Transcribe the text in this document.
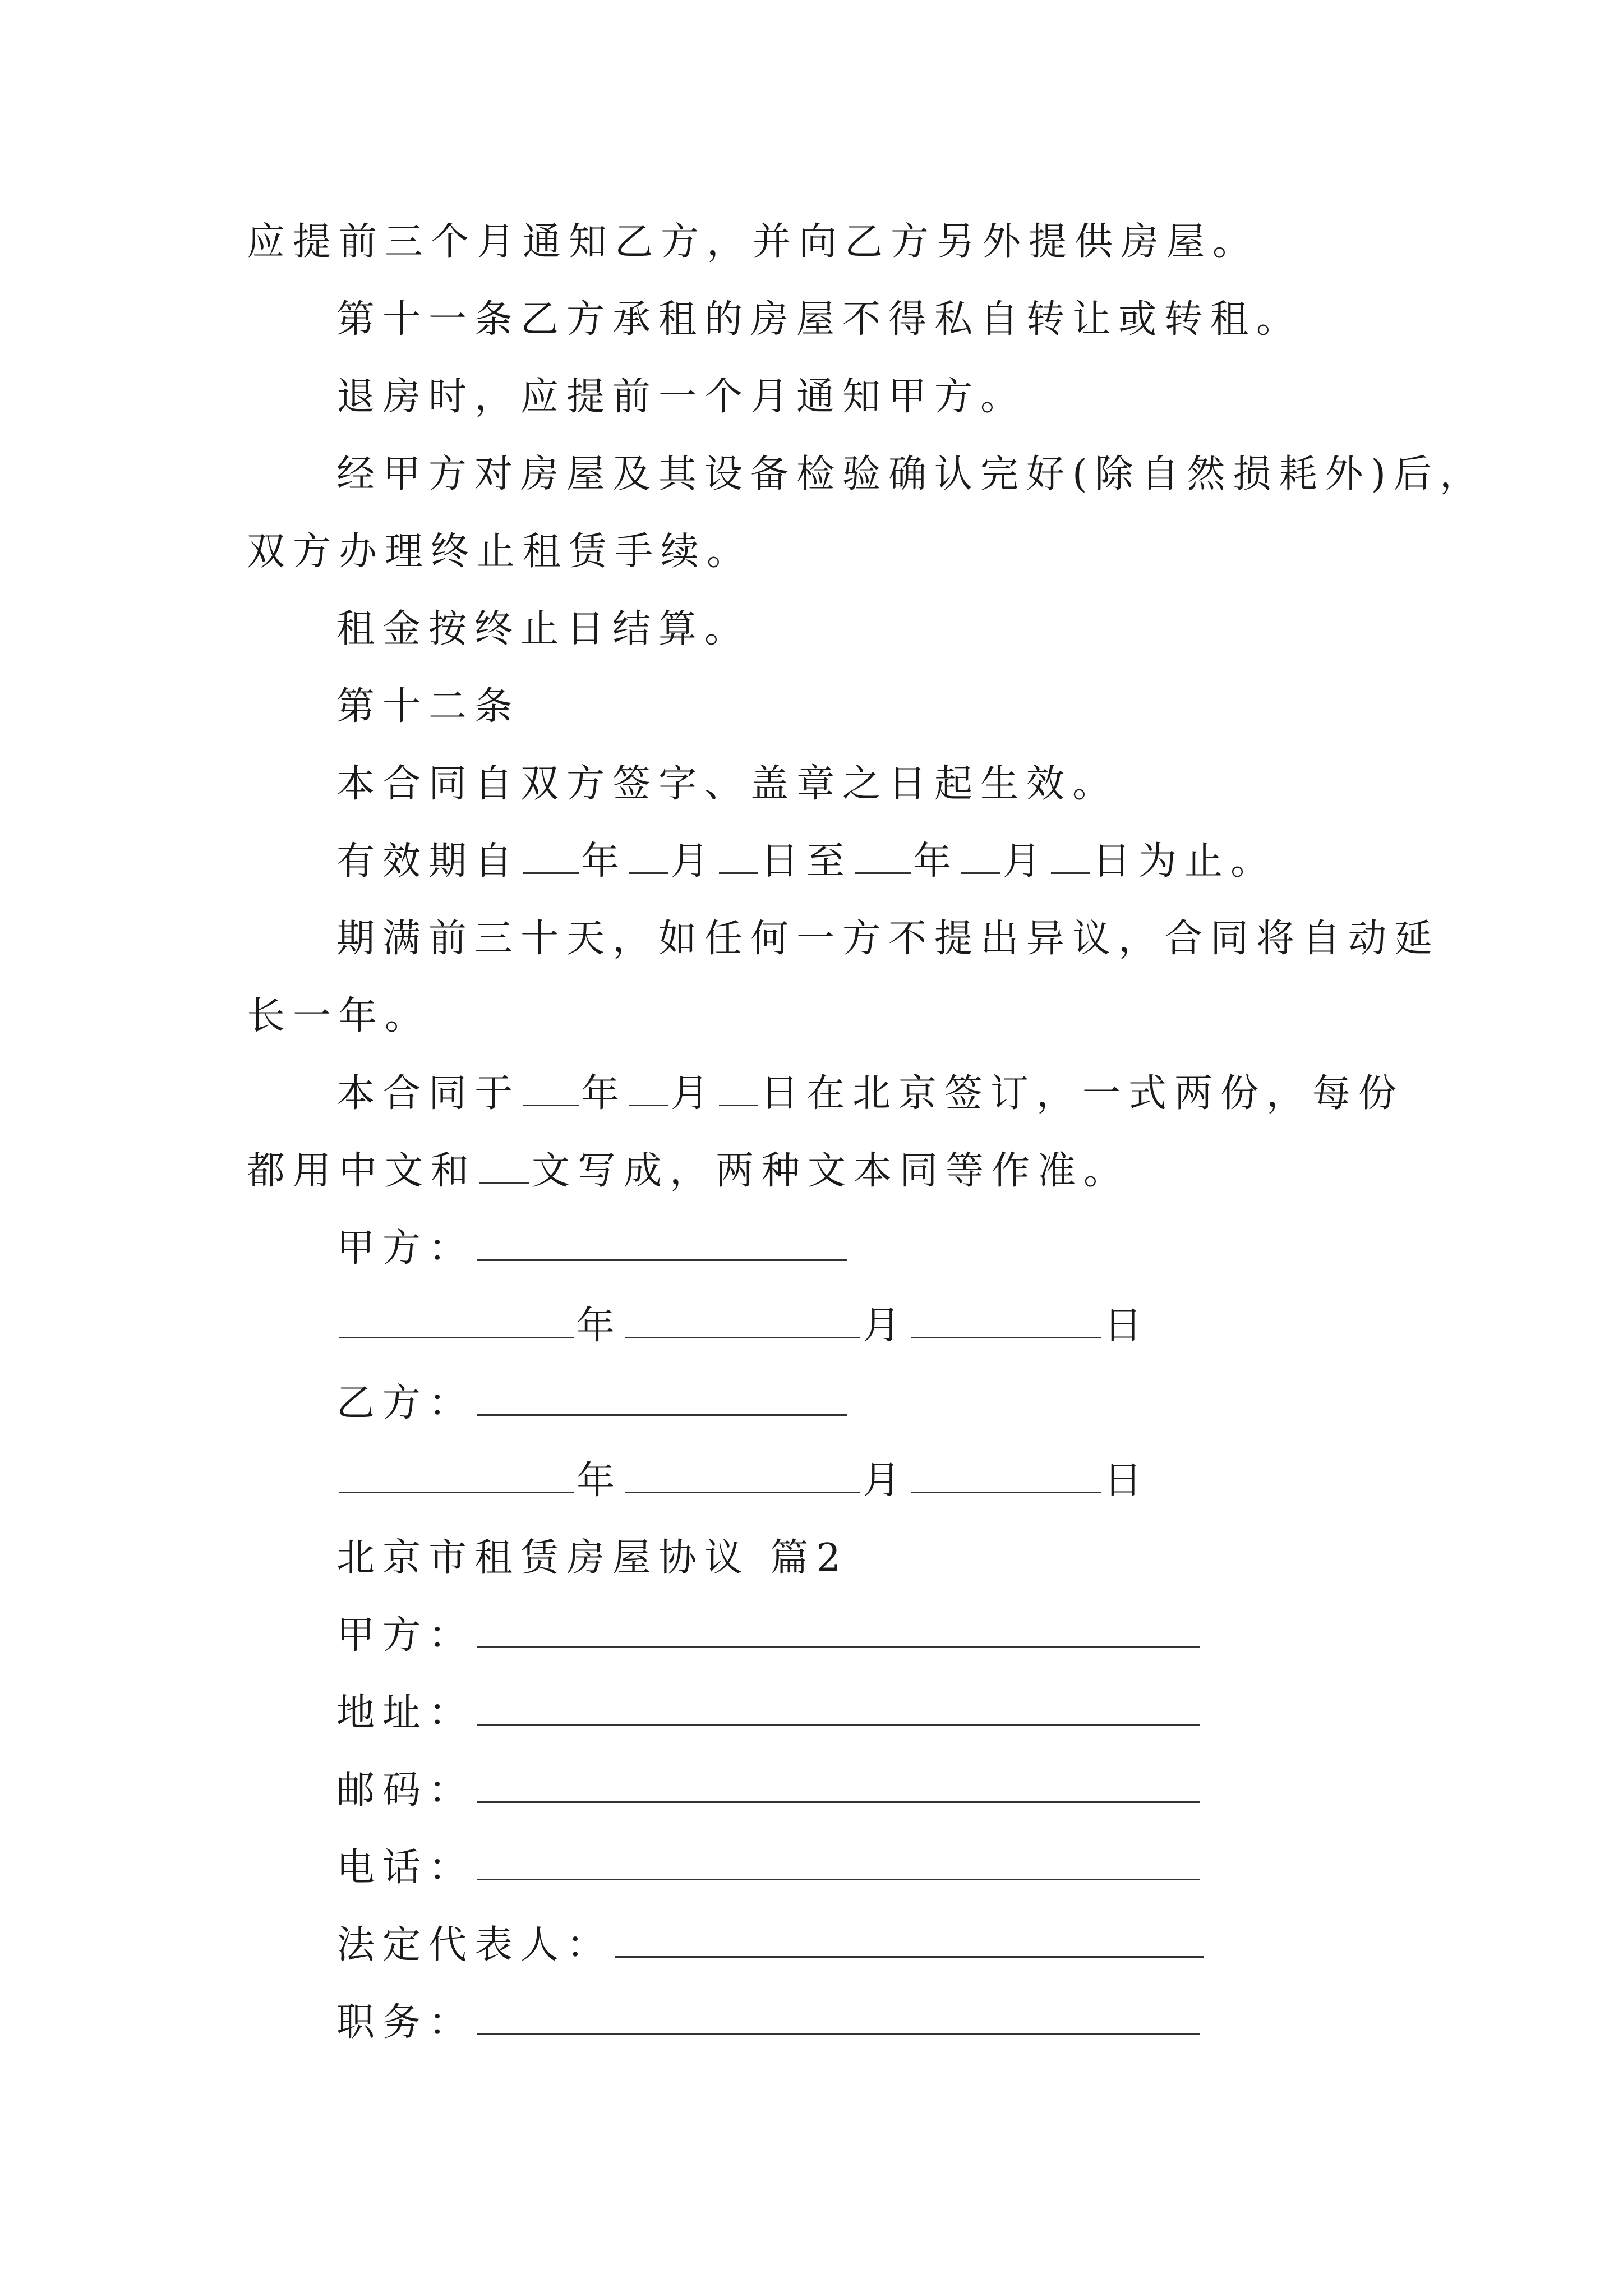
应提前三个月通知乙方，并向乙方另外提供房屋。
第十一条乙方承租的房屋不得私自转让或转租。
退房时，应提前一个月通知甲方。
经甲方对房屋及其设备检验确认完好(除自然损耗外)后，
双方办理终止租赁手续。
租金按终止日结算。
第十二条
本合同自双方签字、盖章之日起生效。
有效期自 年 月 日至 年 月 日为止。
期满前三十天，如任何一方不提出异议，合同将自动延
长一年。
本合同于 年 月 日在北京签订，一式两份，每份
都用中文和 文写成，两种文本同等作准。
甲方：
年	月	日
乙方：
年	月	日
北京市租赁房屋协议 篇2
甲方：
地址：
邮码：
电话：
法定代表人：
职务：
